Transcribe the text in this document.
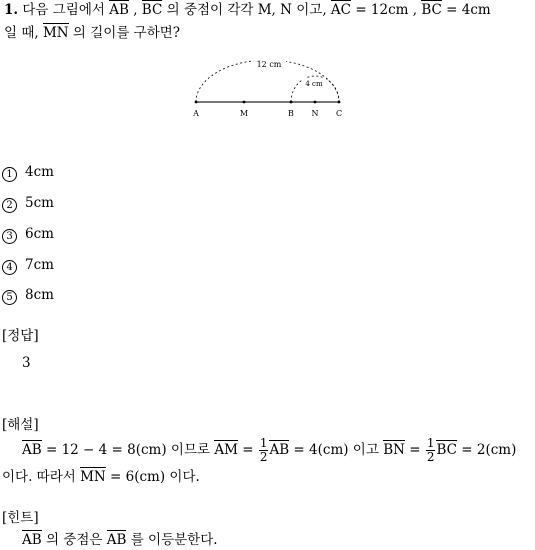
1. 다음 그림에서 AB , BC 의 중점이 각각 M, N 이고, AC = 12cm , BC = 4cm
일 때, MN 의 길이를 구하면?
12 cm
4 cm
A	M	B N C
1 4cm
2 5cm
3 6cm
4 7cm
5 8cm
[정답]
3
[해설]
AB = 12 − 4 = 8(cm) 이므로 AM = $\frac{1}{2}$ AB = 4(cm) 이고 BN = $\frac{1}{2}$ BC = 2(cm)
이다. 따라서 MN = 6(cm) 이다.
[힌트]
AB 의 중점은 AB 를 이등분한다.
